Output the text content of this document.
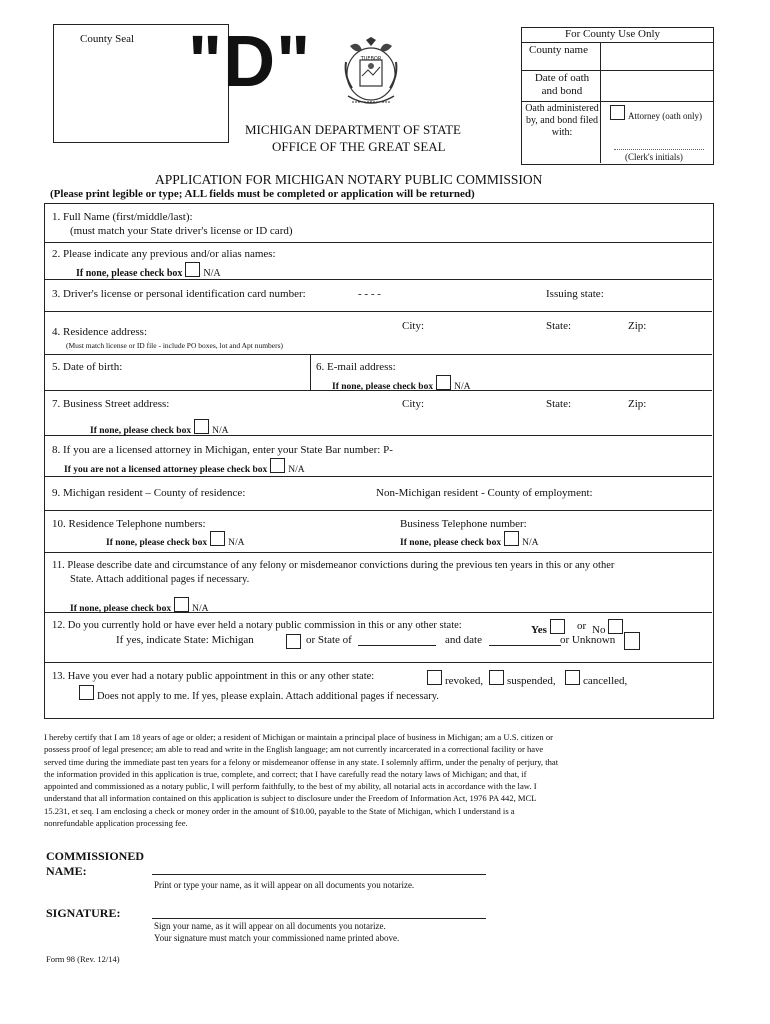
County Seal "D"	TUEBOR
MICHIGAN DEPARTMENT OF STATE
OFFICE OF THE GREAT SEAL
For County Use Only
County name
Date of oath and bond
Oath administered by, and bond filed with:
Attorney (oath only)
(Clerk's initials)
APPLICATION FOR MICHIGAN NOTARY PUBLIC COMMISSION
(Please print legible or type; ALL fields must be completed or application will be returned)
1. Full Name (first/middle/last):
(must match your State driver's license or ID card)
2. Please indicate any previous and/or alias names:
If none, please check box N/A
3. Driver's license or personal identification card number:	- - - -	Issuing state:
4. Residence address:
(Must match license or ID file - include PO boxes, lot and Apt numbers)
City:	State:	Zip:
5. Date of birth:	6. E-mail address:
If none, please check box N/A
7. Business Street address:	City:	State:	Zip:
If none, please check box N/A
8. If you are a licensed attorney in Michigan, enter your State Bar number: P-
If you are not a licensed attorney please check box N/A
9. Michigan resident – County of residence:	Non-Michigan resident - County of employment:
10. Residence Telephone numbers:
If none, please check box N/A
Business Telephone number:
If none, please check box N/A
11. Please describe date and circumstance of any felony or misdemeanor convictions during the previous ten years in this or any other
State. Attach additional pages if necessary.
If none, please check box N/A
12. Do you currently hold or have ever held a notary public commission in this or any other state:	Yes	or No
If yes, indicate State: Michigan	or State of	and date	or Unknown
13. Have you ever had a notary public appointment in this or any other state:	revoked,	suspended,	cancelled,
Does not apply to me. If yes, please explain. Attach additional pages if necessary.
I hereby certify that I am 18 years of age or older; a resident of Michigan or maintain a principal place of business in Michigan; am a U.S. citizen or
possess proof of legal presence; am able to read and write in the English language; am not currently incarcerated in a correctional facility or have
served time during the immediate past ten years for a felony or misdemeanor offense in any state. I solemnly affirm, under the penalty of perjury, that
the information provided in this application is true, complete, and correct; that I have carefully read the notary laws of Michigan; and that, if
appointed and commissioned as a notary public, I will perform faithfully, to the best of my ability, all notarial acts in accordance with the law. I
understand that all information contained on this application is subject to disclosure under the Freedom of Information Act, 1976 PA 442, MCL
15.231, et seq. I am enclosing a check or money order in the amount of $10.00, payable to the State of Michigan, which I understand is a
nonrefundable application processing fee.
COMMISSIONED
NAME:
Print or type your name, as it will appear on all documents you notarize.
SIGNATURE:
Sign your name, as it will appear on all documents you notarize.
Your signature must match your commissioned name printed above.
Form 98 (Rev. 12/14)
